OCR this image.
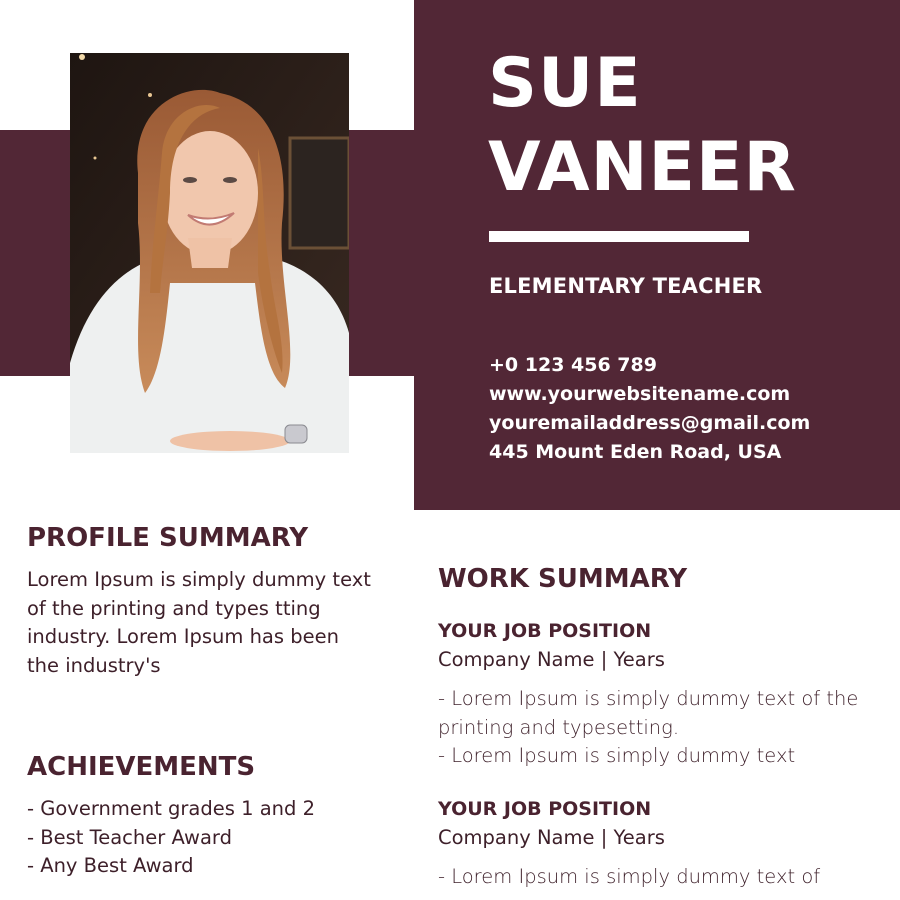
SUE
VANEER
ELEMENTARY TEACHER
+0 123 456 789
www.yourwebsitename.com
youremailaddress@gmail.com
445 Mount Eden Road, USA
PROFILE SUMMARY

Lorem Ipsum is simply dummy text of the printing and types tting industry. Lorem Ipsum has been the industry's

ACHIEVEMENTS
- Government grades 1 and 2
- Best Teacher Award
- Any Best Award
WORK SUMMARY

YOUR JOB POSITION

Company Name | Years

- Lorem Ipsum is simply dummy text of the printing and typesetting.
- Lorem Ipsum is simply dummy text

YOUR JOB POSITION

Company Name | Years

- Lorem Ipsum is simply dummy text of
